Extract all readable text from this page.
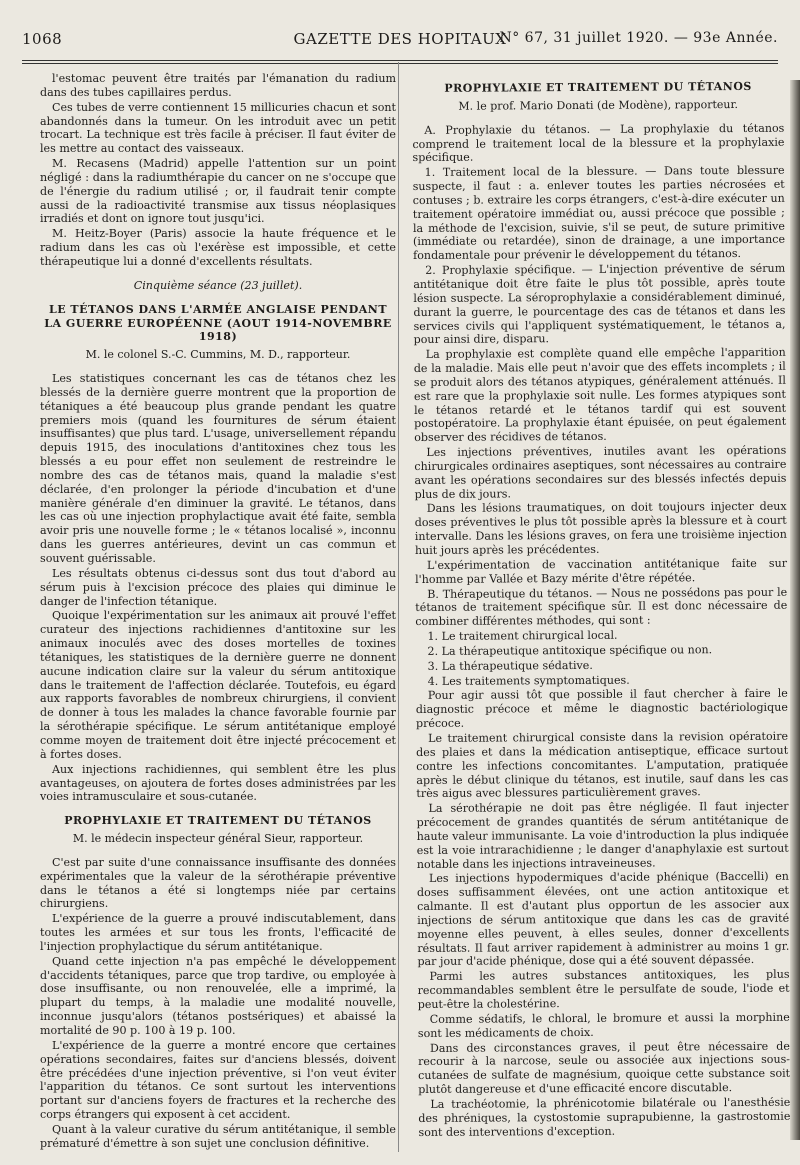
1068	GAZETTE DES HOPITAUX
N° 67, 31 juillet 1920. — 93e Année.

l'estomac peuvent être traités par l'émanation du radium dans des tubes capillaires perdus.

Ces tubes de verre contiennent 15 millicuries chacun et sont abandonnés dans la tumeur. On les introduit avec un petit trocart. La technique est très facile à préciser. Il faut éviter de les mettre au contact des vaisseaux.

M. Recasens (Madrid) appelle l'attention sur un point négligé : dans la radiumthérapie du cancer on ne s'occupe que de l'énergie du radium utilisé ; or, il faudrait tenir compte aussi de la radioactivité transmise aux tissus néoplasiques irradiés et dont on ignore tout jusqu'ici.

M. Heitz-Boyer (Paris) associe la haute fréquence et le radium dans les cas où l'exérèse est impossible, et cette thérapeutique lui a donné d'excellents résultats.

Cinquième séance (23 juillet).
LE TÉTANOS DANS L'ARMÉE ANGLAISE PENDANT LA GUERRE EUROPÉENNE (AOUT 1914-NOVEMBRE 1918)
M. le colonel S.-C. Cummins, M. D., rapporteur.

Les statistiques concernant les cas de tétanos chez les blessés de la dernière guerre montrent que la proportion de tétaniques a été beaucoup plus grande pendant les quatre premiers mois (quand les fournitures de sérum étaient insuffisantes) que plus tard. L'usage, universellement répandu depuis 1915, des inoculations d'antitoxines chez tous les blessés a eu pour effet non seulement de restreindre le nombre des cas de tétanos mais, quand la maladie s'est déclarée, d'en prolonger la période d'incubation et d'une manière générale d'en diminuer la gravité. Le tétanos, dans les cas où une injection prophylactique avait été faite, sembla avoir pris une nouvelle forme ; le « tétanos localisé », inconnu dans les guerres antérieures, devint un cas commun et souvent guérissable.

Les résultats obtenus ci-dessus sont dus tout d'abord au sérum puis à l'excision précoce des plaies qui diminue le danger de l'infection tétanique.

Quoique l'expérimentation sur les animaux ait prouvé l'effet curateur des injections rachidiennes d'antitoxine sur les animaux inoculés avec des doses mortelles de toxines tétaniques, les statistiques de la dernière guerre ne donnent aucune indication claire sur la valeur du sérum antitoxique dans le traitement de l'affection déclarée. Toutefois, eu égard aux rapports favorables de nombreux chirurgiens, il convient de donner à tous les malades la chance favorable fournie par la sérothérapie spécifique. Le sérum antitétanique employé comme moyen de traitement doit être injecté précocement et à fortes doses.

Aux injections rachidiennes, qui semblent être les plus avantageuses, on ajoutera de fortes doses administrées par les voies intramusculaire et sous-cutanée.

PROPHYLAXIE ET TRAITEMENT DU TÉTANOS
M. le médecin inspecteur général Sieur, rapporteur.

C'est par suite d'une connaissance insuffisante des données expérimentales que la valeur de la sérothérapie préventive dans le tétanos a été si longtemps niée par certains chirurgiens.

L'expérience de la guerre a prouvé indiscutablement, dans toutes les armées et sur tous les fronts, l'efficacité de l'injection prophylactique du sérum antitétanique.

Quand cette injection n'a pas empêché le développement d'accidents tétaniques, parce que trop tardive, ou employée à dose insuffisante, ou non renouvelée, elle a imprimé, la plupart du temps, à la maladie une modalité nouvelle, inconnue jusqu'alors (tétanos postsériques) et abaissé la mortalité de 90 p. 100 à 19 p. 100.

L'expérience de la guerre a montré encore que certaines opérations secondaires, faites sur d'anciens blessés, doivent être précédées d'une injection préventive, si l'on veut éviter l'apparition du tétanos. Ce sont surtout les interventions portant sur d'anciens foyers de fractures et la recherche des corps étrangers qui exposent à cet accident.

Quant à la valeur curative du sérum antitétanique, il semble prématuré d'émettre à son sujet une conclusion définitive.

PROPHYLAXIE ET TRAITEMENT DU TÉTANOS
M. le prof. Mario Donati (de Modène), rapporteur.

A. Prophylaxie du tétanos. — La prophylaxie du tétanos comprend le traitement local de la blessure et la prophylaxie spécifique.

1. Traitement local de la blessure. — Dans toute blessure suspecte, il faut : a. enlever toutes les parties nécrosées et contuses ; b. extraire les corps étrangers, c'est-à-dire exécuter un traitement opératoire immédiat ou, aussi précoce que possible ; la méthode de l'excision, suivie, s'il se peut, de suture primitive (immédiate ou retardée), sinon de drainage, a une importance fondamentale pour prévenir le développement du tétanos.

2. Prophylaxie spécifique. — L'injection préventive de sérum antitétanique doit être faite le plus tôt possible, après toute lésion suspecte. La séroprophylaxie a considérablement diminué, durant la guerre, le pourcentage des cas de tétanos et dans les services civils qui l'appliquent systématiquement, le tétanos a, pour ainsi dire, disparu.

La prophylaxie est complète quand elle empêche l'apparition de la maladie. Mais elle peut n'avoir que des effets incomplets ; il se produit alors des tétanos atypiques, généralement atténués. Il est rare que la prophylaxie soit nulle. Les formes atypiques sont le tétanos retardé et le tétanos tardif qui est souvent postopératoire. La prophylaxie étant épuisée, on peut également observer des récidives de tétanos.

Les injections préventives, inutiles avant les opérations chirurgicales ordinaires aseptiques, sont nécessaires au contraire avant les opérations secondaires sur des blessés infectés depuis plus de dix jours.

Dans les lésions traumatiques, on doit toujours injecter deux doses préventives le plus tôt possible après la blessure et à court intervalle. Dans les lésions graves, on fera une troisième injection huit jours après les précédentes.

L'expérimentation de vaccination antitétanique faite sur l'homme par Vallée et Bazy mérite d'être répétée.

B. Thérapeutique du tétanos. — Nous ne possédons pas pour le tétanos de traitement spécifique sûr. Il est donc nécessaire de combiner différentes méthodes, qui sont :

1. Le traitement chirurgical local.

2. La thérapeutique antitoxique spécifique ou non.

3. La thérapeutique sédative.

4. Les traitements symptomatiques.

Pour agir aussi tôt que possible il faut chercher à faire le diagnostic précoce et même le diagnostic bactériologique précoce.

Le traitement chirurgical consiste dans la revision opératoire des plaies et dans la médication antiseptique, efficace surtout contre les infections concomitantes. L'amputation, pratiquée après le début clinique du tétanos, est inutile, sauf dans les cas très aigus avec blessures particulièrement graves.

La sérothérapie ne doit pas être négligée. Il faut injecter précocement de grandes quantités de sérum antitétanique de haute valeur immunisante. La voie d'introduction la plus indiquée est la voie intrarachidienne ; le danger d'anaphylaxie est surtout notable dans les injections intraveineuses.

Les injections hypodermiques d'acide phénique (Baccelli) en doses suffisamment élevées, ont une action antitoxique et calmante. Il est d'autant plus opportun de les associer aux injections de sérum antitoxique que dans les cas de gravité moyenne elles peuvent, à elles seules, donner d'excellents résultats. Il faut arriver rapidement à administrer au moins 1 gr. par jour d'acide phénique, dose qui a été souvent dépassée.

Parmi les autres substances antitoxiques, les plus recommandables semblent être le persulfate de soude, l'iode et peut-être la cholestérine.

Comme sédatifs, le chloral, le bromure et aussi la morphine sont les médicaments de choix.

Dans des circonstances graves, il peut être nécessaire de recourir à la narcose, seule ou associée aux injections sous-cutanées de sulfate de magnésium, quoique cette substance soit plutôt dangereuse et d'une efficacité encore discutable.

La trachéotomie, la phrénicotomie bilatérale ou l'anesthésie des phréniques, la cystostomie suprapubienne, la gastrostomie sont des interventions d'exception.
